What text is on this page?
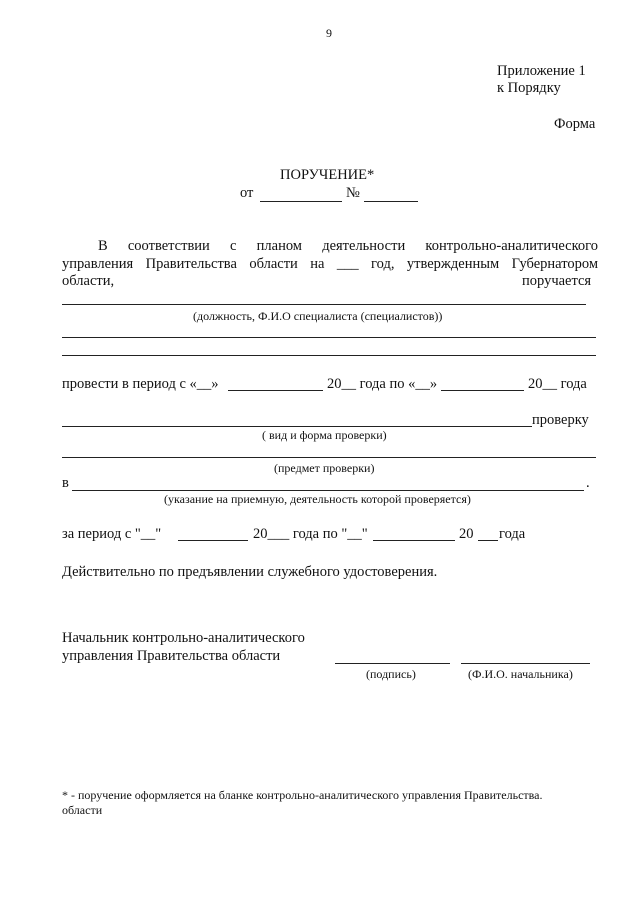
9
Приложение 1
к Порядку
Форма
ПОРУЧЕНИЕ*
от	№
В соответствии с планом деятельности контрольно-аналитического
управления Правительства области на ___ год, утвержденным Губернатором
области,	поручается
(должность, Ф.И.О специалиста (специалистов))
провести в период с «__»	20__ года по «__»	20__ года
проверку
( вид и форма проверки)
(предмет проверки)
в	.
(указание на приемную, деятельность которой проверяется)
за период с "__"	20___ года по "__"	20 года
Действительно по предъявлении служебного удостоверения.
Начальник контрольно-аналитического
управления Правительства области
(подпись)	(Ф.И.О. начальника)
* - поручение оформляется на бланке контрольно-аналитического управления Правительства.
области
